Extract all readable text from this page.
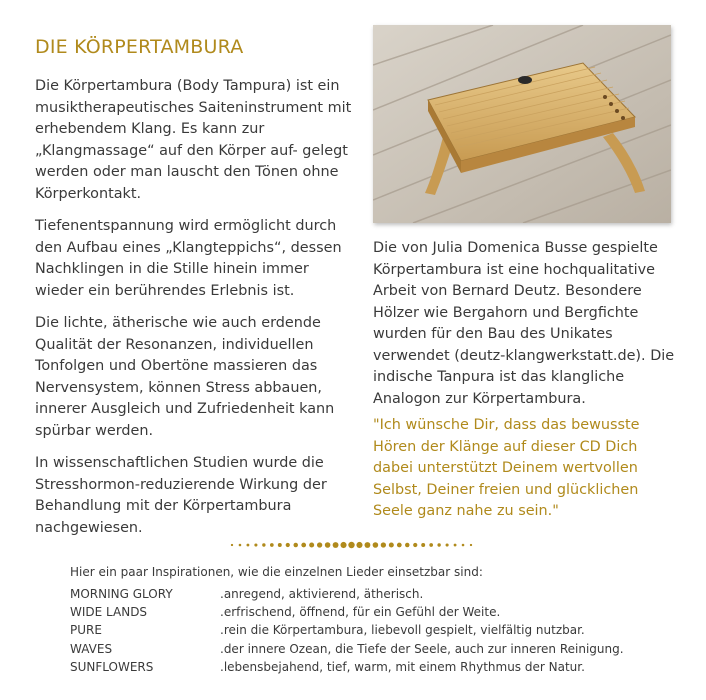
DIE KÖRPERTAMBURA

Die Körpertambura (Body Tampura) ist ein musiktherapeutisches Saiteninstrument mit erhebendem Klang. Es kann zur „Klangmassage“ auf den Körper auf- gelegt werden oder man lauscht den Tönen ohne Körperkontakt.

Tiefenentspannung wird ermöglicht durch den Aufbau eines „Klangteppichs“, dessen Nachklingen in die Stille hinein immer wieder ein berührendes Erlebnis ist.

Die lichte, ätherische wie auch erdende Qualität der Resonanzen, individuellen Tonfolgen und Obertöne massieren das Nervensystem, können Stress abbauen, innerer Ausgleich und Zufriedenheit kann spürbar werden.

In wissenschaftlichen Studien wurde die Stresshormon-reduzierende Wirkung der Behandlung mit der Körpertambura nachgewiesen.

Die von Julia Domenica Busse gespielte Körpertambura ist eine hochqualitative Arbeit von Bernard Deutz. Besondere Hölzer wie Bergahorn und Bergfichte wurden für den Bau des Unikates verwendet (deutz-klangwerkstatt.de). Die indische Tanpura ist das klangliche Analogon zur Körpertambura.

"Ich wünsche Dir, dass das bewusste Hören der Klänge auf dieser CD Dich dabei unterstützt Deinem wertvollen Selbst, Deiner freien und glücklichen Seele ganz nahe zu sein."

Hier ein paar Inspirationen, wie die einzelnen Lieder einsetzbar sind:

MORNING GLORY	.anregend, aktivierend, ätherisch.
WIDE LANDS	.erfrischend, öffnend, für ein Gefühl der Weite.
PURE	.rein die Körpertambura, liebevoll gespielt, vielfältig nutzbar.
WAVES	.der innere Ozean, die Tiefe der Seele, auch zur inneren Reinigung.
SUNFLOWERS	.lebensbejahend, tief, warm, mit einem Rhythmus der Natur.
